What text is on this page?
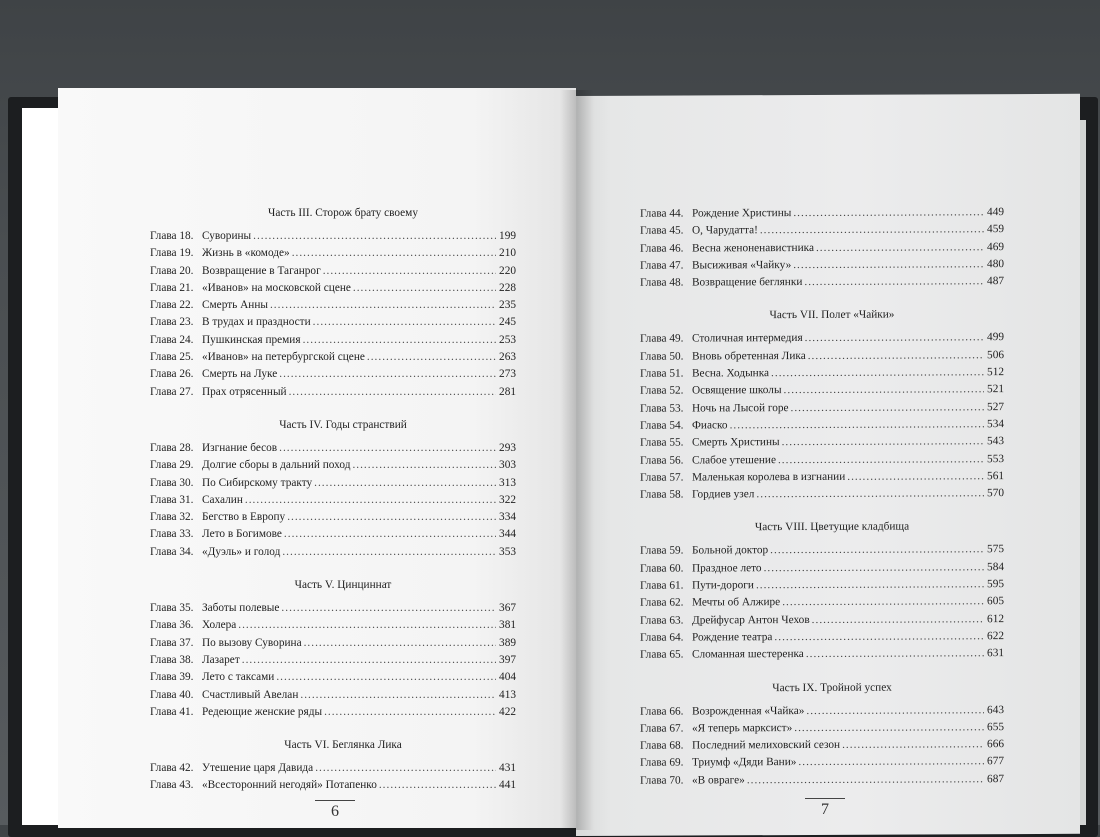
Часть III. Сторож брату своему
Глава 18. Суворины .....	199
Глава 19. Жизнь в «комоде» .....	210
Глава 20. Возвращение в Таганрог .....	220
Глава 21. «Иванов» на московской сцене .....	228
Глава 22. Смерть Анны .....	235
Глава 23. В трудах и праздности .....	245
Глава 24. Пушкинская премия .....	253
Глава 25. «Иванов» на петербургской сцене .....	263
Глава 26. Смерть на Луке .....	273
Глава 27. Прах отрясенный .....	281
Часть IV. Годы странствий
Глава 28. Изгнание бесов .....	293
Глава 29. Долгие сборы в дальний поход .....	303
Глава 30. По Сибирскому тракту .....	313
Глава 31. Сахалин .....	322
Глава 32. Бегство в Европу .....	334
Глава 33. Лето в Богимове .....	344
Глава 34. «Дуэль» и голод .....	353
Часть V. Цинциннат
Глава 35. Заботы полевые .....	367
Глава 36. Холера .....	381
Глава 37. По вызову Суворина .....	389
Глава 38. Лазарет .....	397
Глава 39. Лето с таксами .....	404
Глава 40. Счастливый Авелан .....	413
Глава 41. Редеющие женские ряды .....	422
Часть VI. Беглянка Лика
Глава 42. Утешение царя Давида .....	431
Глава 43. «Всесторонний негодяй» Потапенко .....	441
Глава 44. Рождение Христины .....	449
Глава 45. О, Чарудатта! .....	459
Глава 46. Весна женоненавистника .....	469
Глава 47. Высиживая «Чайку» .....	480
Глава 48. Возвращение беглянки .....	487
Часть VII. Полет «Чайки»
Глава 49. Столичная интермедия .....	499
Глава 50. Вновь обретенная Лика .....	506
Глава 51. Весна. Ходынка .....	512
Глава 52. Освящение школы .....	521
Глава 53. Ночь на Лысой горе .....	527
Глава 54. Фиаско .....	534
Глава 55. Смерть Христины .....	543
Глава 56. Слабое утешение .....	553
Глава 57. Маленькая королева в изгнании .....	561
Глава 58. Гордиев узел .....	570
Часть VIII. Цветущие кладбища
Глава 59. Больной доктор .....	575
Глава 60. Праздное лето .....	584
Глава 61. Пути-дороги .....	595
Глава 62. Мечты об Алжире .....	605
Глава 63. Дрейфусар Антон Чехов .....	612
Глава 64. Рождение театра .....	622
Глава 65. Сломанная шестеренка .....	631
Часть IX. Тройной успех
Глава 66. Возрожденная «Чайка» .....	643
Глава 67. «Я теперь марксист» .....	655
Глава 68. Последний мелиховский сезон .....	666
Глава 69. Триумф «Дяди Вани» .....	677
Глава 70. «В овраге» .....	687
6	7
